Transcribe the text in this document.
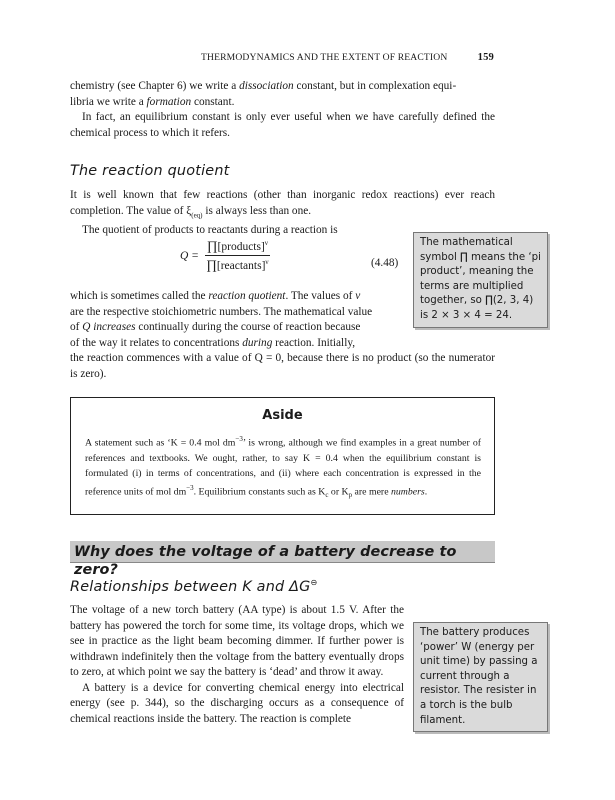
THERMODYNAMICS AND THE EXTENT OF REACTION	159

chemistry (see Chapter 6) we write a dissociation constant, but in complexation equi-
libria we write a formation constant.

In fact, an equilibrium constant is only ever useful when we have carefully defined the chemical process to which it refers.

The reaction quotient

It is well known that few reactions (other than inorganic redox reactions) ever reach completion. The value of $\xi_{(eq)}$ is always less than one.

The quotient of products to reactants during a reaction is

$Q = \frac{\prod[products]^\nu}{\prod[reactants]^\nu}$	(4.48)

which is sometimes called the reaction quotient. The values of ν

are the respective stoichiometric numbers. The mathematical value

of Q increases continually during the course of reaction because

of the way it relates to concentrations during reaction. Initially,

the reaction commences with a value of Q = 0, because there is no product (so the numerator is zero).
The mathematical symbol ∏ means the ‘pi product’, meaning the terms are multiplied together, so ∏(2, 3, 4) is 2 × 3 × 4 = 24.
Aside
A statement such as ‘K = 0.4 mol $dm^{-3}$’ is wrong, although we find examples in a great number of references and textbooks. We ought, rather, to say K = 0.4 when the equilibrium constant is formulated (i) in terms of concentrations, and (ii) where each concentration is expressed in the reference units of mol $dm^{-3}$. Equilibrium constants such as $K_c$ or $K_p$ are mere numbers.
Why does the voltage of a battery decrease to zero?
Relationships between K and ΔG⊖

The voltage of a new torch battery (AA type) is about 1.5 V. After the battery has powered the torch for some time, its voltage drops, which we see in practice as the light beam becoming dimmer. If further power is withdrawn indefinitely then the voltage from the battery eventually drops to zero, at which point we say the battery is ‘dead’ and throw it away.

A battery is a device for converting chemical energy into electrical energy (see p. 344), so the discharging occurs as a consequence of chemical reactions inside the battery. The reaction is complete

The battery produces ‘power’ W (energy per unit time) by passing a current through a resistor. The resister in a torch is the bulb filament.
